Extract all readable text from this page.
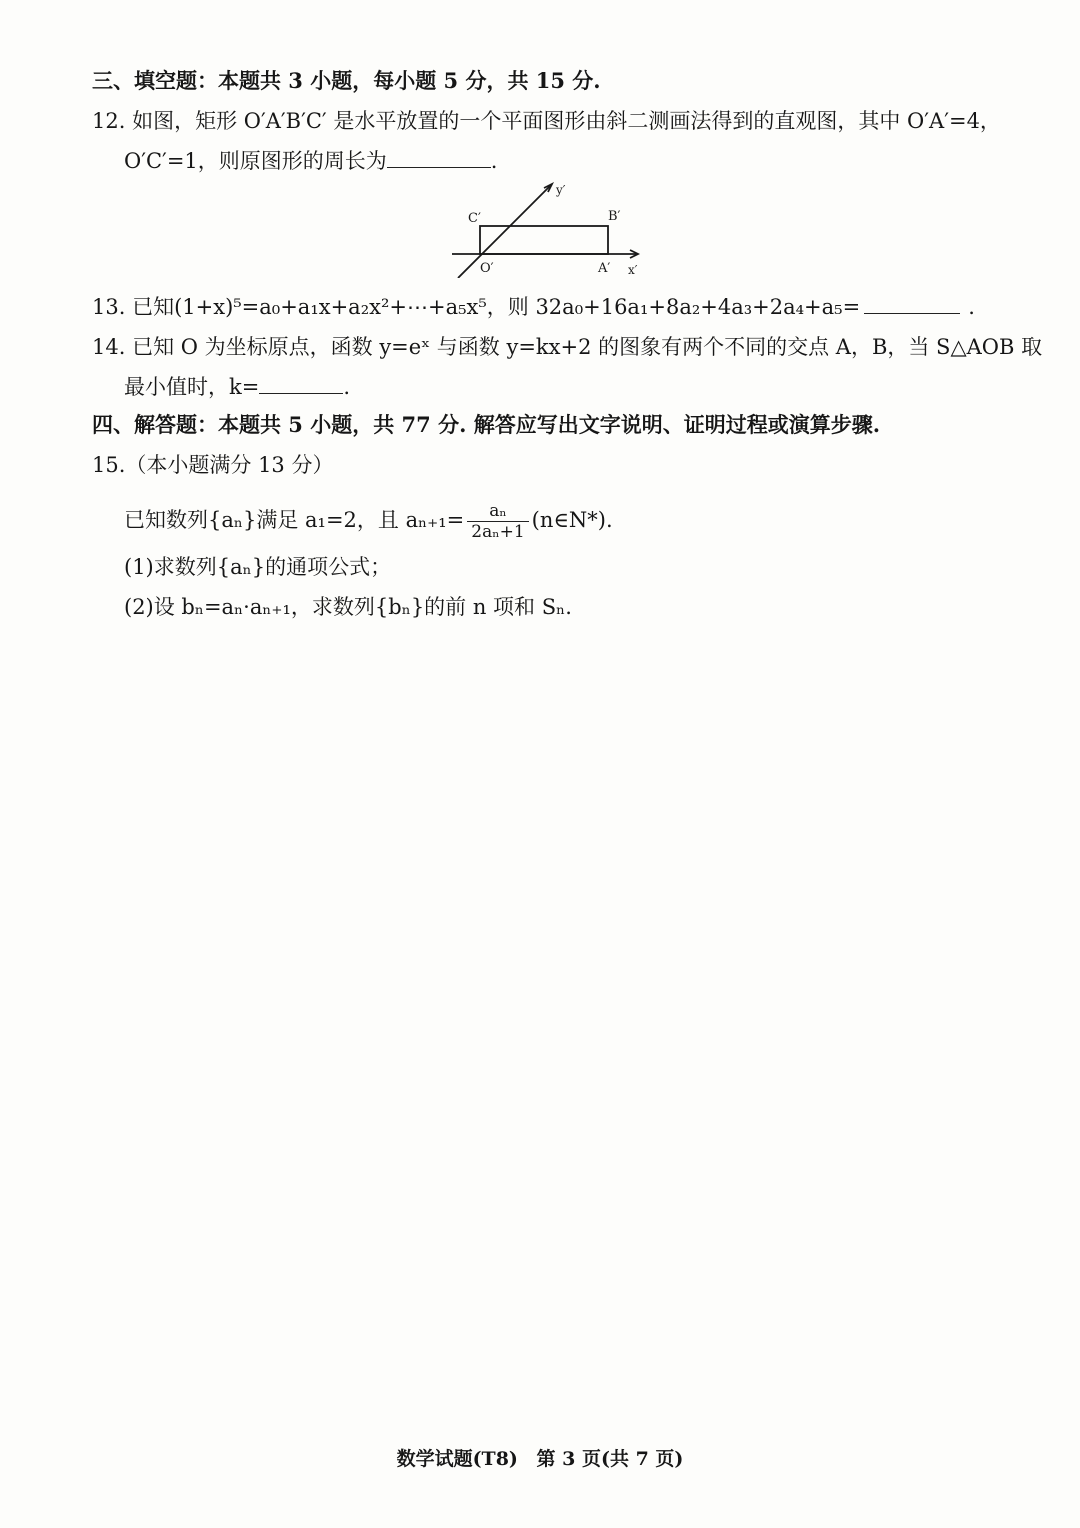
三、填空题：本题共 3 小题，每小题 5 分，共 15 分.
12. 如图，矩形 O′A′B′C′ 是水平放置的一个平面图形由斜二测画法得到的直观图，其中 O′A′=4，
O′C′=1，则原图形的周长为	.
C′	B′
O′	A′ x′
y′
13. 已知(1+x)⁵=a₀+a₁x+a₂x²+⋯+a₅x⁵，则 32a₀+16a₁+8a₂+4a₃+2a₄+a₅=	.
14. 已知 O 为坐标原点，函数 y=eˣ 与函数 y=kx+2 的图象有两个不同的交点 A，B，当 S△AOB 取
最小值时，k=	.
四、解答题：本题共 5 小题，共 77 分. 解答应写出文字说明、证明过程或演算步骤.
15.（本小题满分 13 分）
已知数列{aₙ}满足 a₁=2，且 $a_{n+1}= \frac{\text{aₙ}}{\text{2aₙ+1}}$ (n∈N*).
(1)求数列{aₙ}的通项公式；
(2)设 bₙ=aₙ·aₙ₊₁，求数列{bₙ}的前 n 项和 Sₙ.
数学试题(T8) 第 3 页(共 7 页)
